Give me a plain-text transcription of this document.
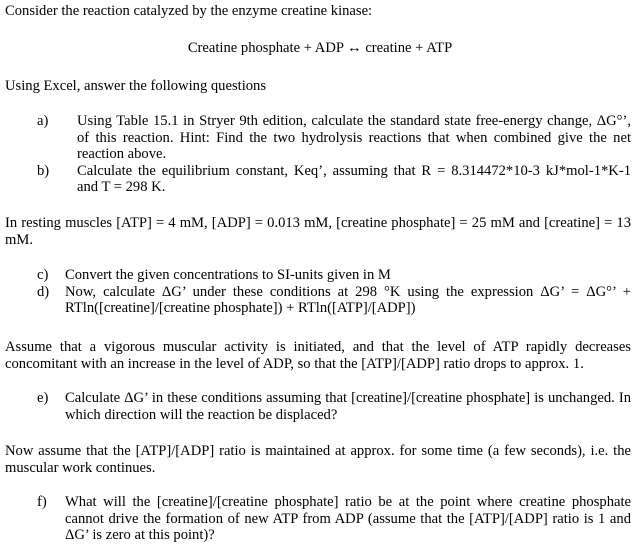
Consider the reaction catalyzed by the enzyme creatine kinase:

Creatine phosphate + ADP ↔ creatine + ATP

Using Excel, answer the following questions

a)	Using Table 15.1 in Stryer 9th edition, calculate the standard state free-energy change, ΔG°’, of this reaction. Hint: Find the two hydrolysis reactions that when combined give the net reaction above.
b)	Calculate the equilibrium constant, Keq’, assuming that R = 8.314472*10-3 kJ*mol-1*K-1 and T = 298 K.

In resting muscles [ATP] = 4 mM, [ADP] = 0.013 mM, [creatine phosphate] = 25 mM and [creatine] = 13 mM.

c)	Convert the given concentrations to SI-units given in M
d)	Now, calculate ΔG’ under these conditions at 298 °K using the expression ΔG’ = ΔG°’ + RTln([creatine]/[creatine phosphate]) + RTln([ATP]/[ADP])

Assume that a vigorous muscular activity is initiated, and that the level of ATP rapidly decreases concomitant with an increase in the level of ADP, so that the [ATP]/[ADP] ratio drops to approx. 1.

e)	Calculate ΔG’ in these conditions assuming that [creatine]/[creatine phosphate] is unchanged. In which direction will the reaction be displaced?

Now assume that the [ATP]/[ADP] ratio is maintained at approx. for some time (a few seconds), i.e. the muscular work continues.

f)	What will the [creatine]/[creatine phosphate] ratio be at the point where creatine phosphate cannot drive the formation of new ATP from ADP (assume that the [ATP]/[ADP] ratio is 1 and ΔG’ is zero at this point)?
